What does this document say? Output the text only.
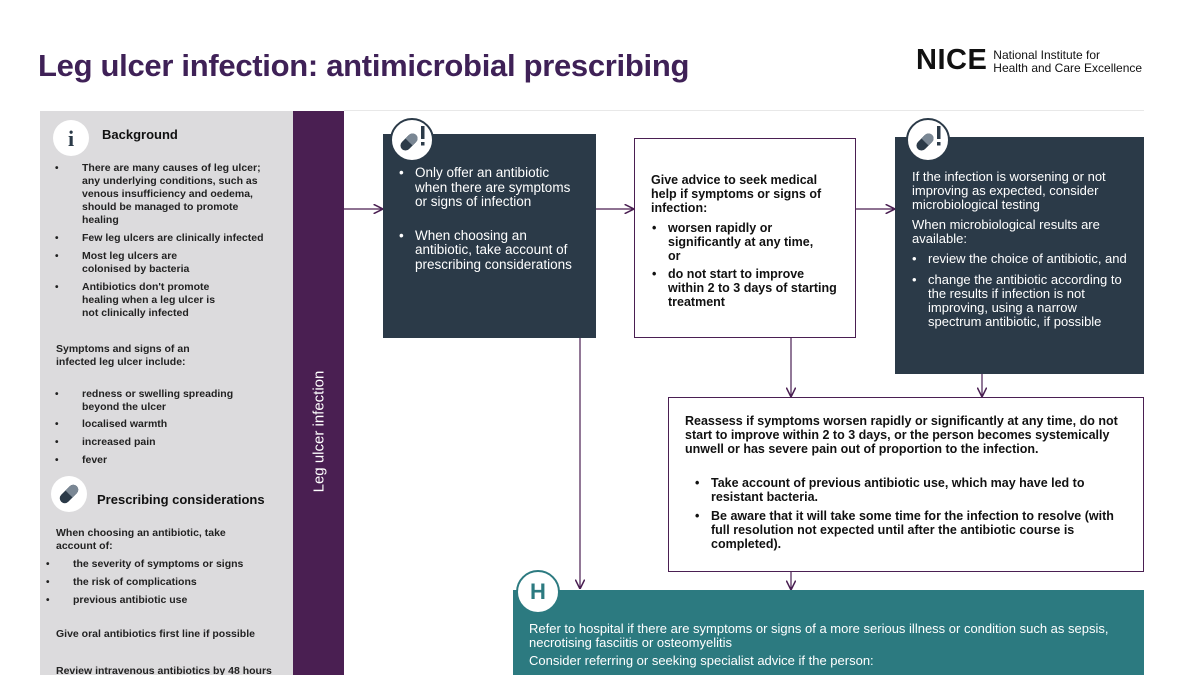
Leg ulcer infection: antimicrobial prescribing	NICE National Institute for
Health and Care Excellence
i Background
• There are many causes of leg ulcer; any underlying conditions, such as venous insufficiency and oedema, should be managed to promote healing
• Few leg ulcers are clinically infected
• Most leg ulcers are colonised by bacteria
• Antibiotics don't promote healing when a leg ulcer is not clinically infected
Symptoms and signs of an infected leg ulcer include:
• redness or swelling spreading beyond the ulcer
• localised warmth
• increased pain
• fever
Prescribing considerations
When choosing an antibiotic, take account of:
• the severity of symptoms or signs
• the risk of complications
• previous antibiotic use
Give oral antibiotics first line if possible
Review intravenous antibiotics by 48 hours
Leg ulcer infection
• Only offer an antibiotic when there are symptoms or signs of infection
• When choosing an antibiotic, take account of prescribing considerations
Give advice to seek medical help if symptoms or signs of infection:
• worsen rapidly or significantly at any time,
or
• do not start to improve within 2 to 3 days of starting treatment
If the infection is worsening or not improving as expected, consider microbiological testing
When microbiological results are available:
• review the choice of antibiotic, and
• change the antibiotic according to the results if infection is not improving, using a narrow spectrum antibiotic, if possible
Reassess if symptoms worsen rapidly or significantly at any time, do not start to improve within 2 to 3 days, or the person becomes systemically unwell or has severe pain out of proportion to the infection.
• Take account of previous antibiotic use, which may have led to resistant bacteria.
• Be aware that it will take some time for the infection to resolve (with full resolution not expected until after the antibiotic course is completed).
Refer to hospital if there are symptoms or signs of a more serious illness or condition such as sepsis, necrotising fasciitis or osteomyelitis
Consider referring or seeking specialist advice if the person:
H
